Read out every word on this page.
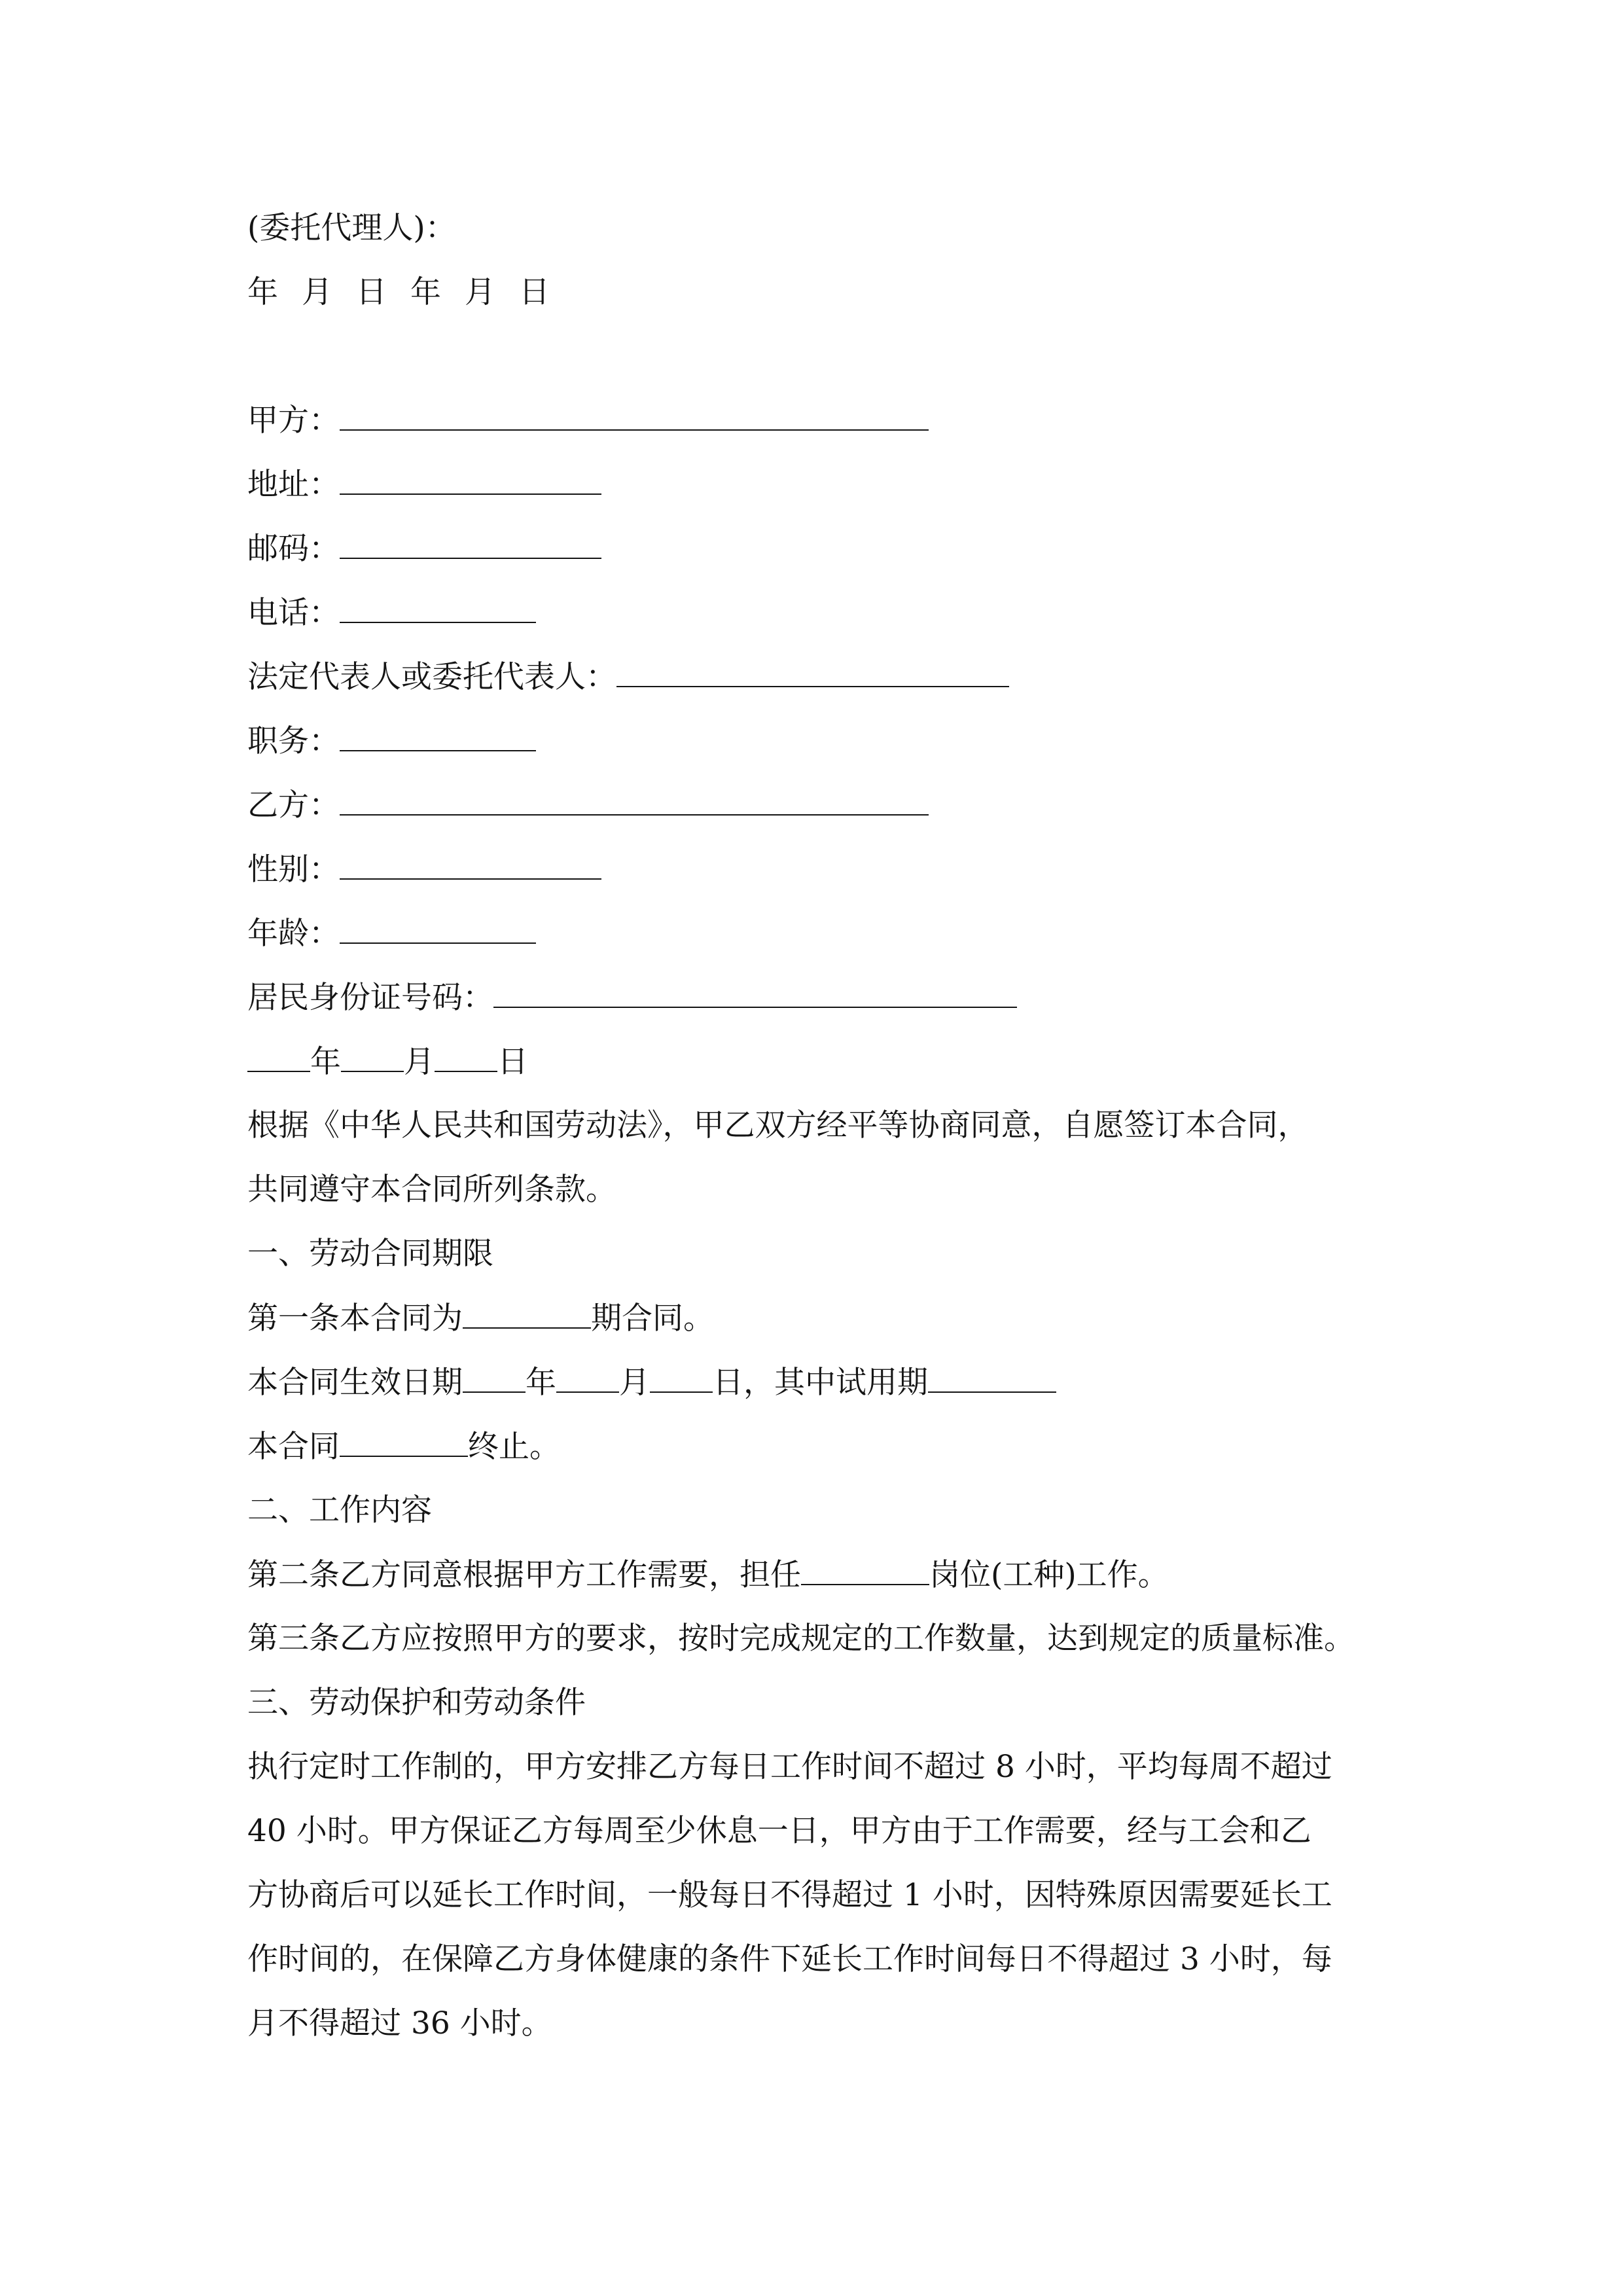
(委托代理人)：
年 月 日 年 月 日
甲方：
地址：
邮码：
电话：
法定代表人或委托代表人：
职务：
乙方：
性别：
年龄：
居民身份证号码：
年 月 日
根据《中华人民共和国劳动法》，甲乙双方经平等协商同意，自愿签订本合同，
共同遵守本合同所列条款。
一、劳动合同期限
第一条本合同为	期合同。
本合同生效日期 年 月 日，其中试用期
本合同	终止。
二、工作内容
第二条乙方同意根据甲方工作需要，担任	岗位(工种)工作。
第三条乙方应按照甲方的要求，按时完成规定的工作数量，达到规定的质量标准。
三、劳动保护和劳动条件
执行定时工作制的，甲方安排乙方每日工作时间不超过 8 小时，平均每周不超过
40 小时。甲方保证乙方每周至少休息一日，甲方由于工作需要，经与工会和乙
方协商后可以延长工作时间，一般每日不得超过 1 小时，因特殊原因需要延长工
作时间的，在保障乙方身体健康的条件下延长工作时间每日不得超过 3 小时，每
月不得超过 36 小时。
